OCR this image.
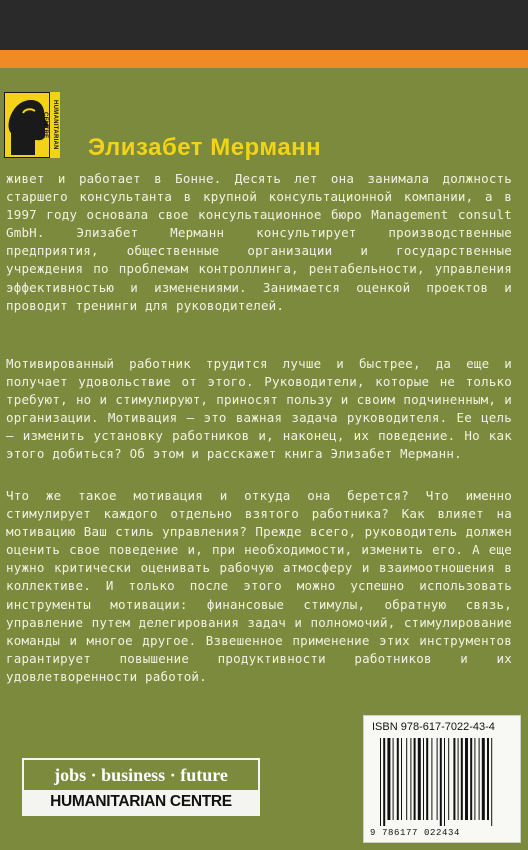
HUMANITARIAN CENTRE
Элизабет Мерманн

живет и работает в Бонне. Десять лет она занимала должность старшего консультанта в крупной консультационной компании, а в 1997 году основала свое консультационное бюро Management consult GmbH. Элизабет Мерманн консультирует производственные предприятия, общественные организации и государственные учреждения по проблемам контроллинга, рентабельности, управления эффективностью и изменениями. Занимается оценкой проектов и проводит тренинги для руководителей.

Мотивированный работник трудится лучше и быстрее, да еще и получает удовольствие от этого. Руководители, которые не только требуют, но и стимулируют, приносят пользу и своим подчиненным, и организации. Мотивация – это важная задача руководителя. Ее цель – изменить установку работников и, наконец, их поведение. Но как этого добиться? Об этом и расскажет книга Элизабет Мерманн.

Что же такое мотивация и откуда она берется? Что именно стимулирует каждого отдельно взятого работника? Как влияет на мотивацию Ваш стиль управления? Прежде всего, руководитель должен оценить свое поведение и, при необходимости, изменить его. А еще нужно критически оценивать рабочую атмосферу и взаимоотношения в коллективе. И только после этого можно успешно использовать инструменты мотивации: финансовые стимулы, обратную связь, управление путем делегирования задач и полномочий, стимулирование команды и многое другое. Взвешенное применение этих инструментов гарантирует повышение продуктивности работников и их удовлетворенности работой.

jobs · business · future
HUMANITARIAN CENTRE
ISBN 978-617-7022-43-4
9 786177 022434
